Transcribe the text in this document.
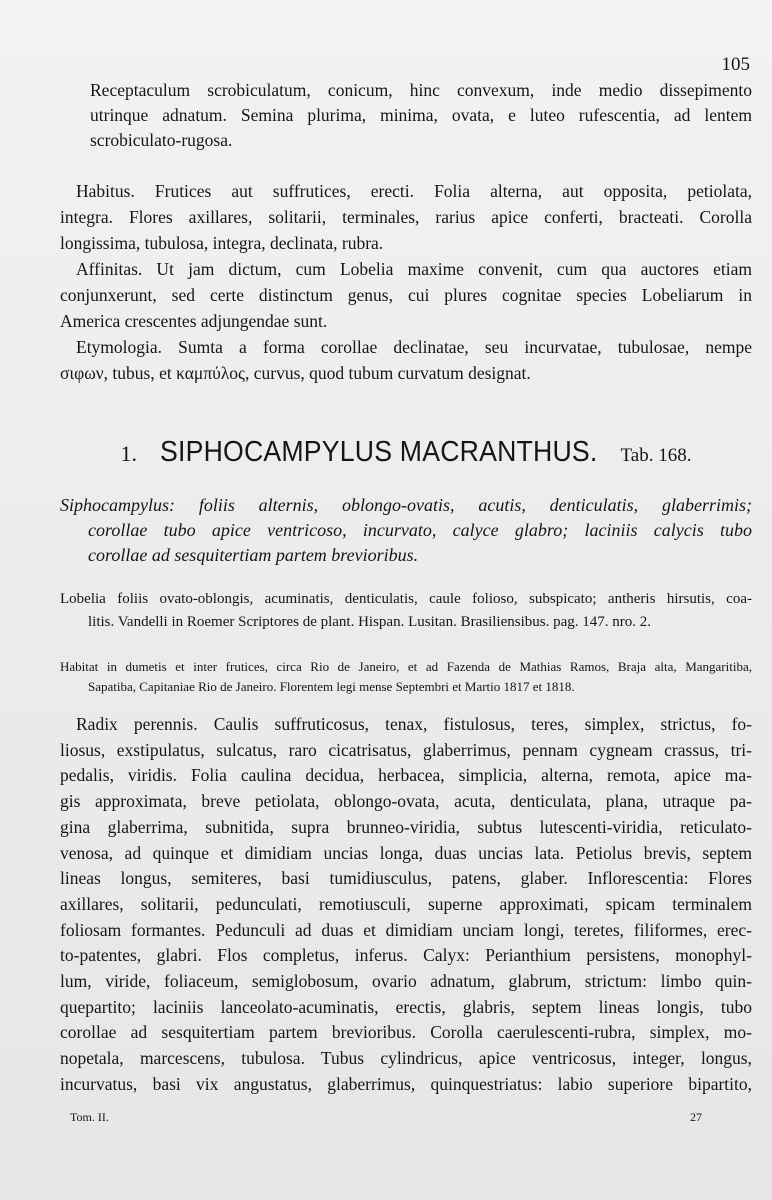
105
Receptaculum scrobiculatum, conicum, hinc convexum, inde medio dissepimento
utrinque adnatum. Semina plurima, minima, ovata, e luteo rufescentia, ad lentem
scrobiculato-rugosa.
Habitus. Frutices aut suffrutices, erecti. Folia alterna, aut opposita, petiolata,
integra. Flores axillares, solitarii, terminales, rarius apice conferti, bracteati. Corolla
longissima, tubulosa, integra, declinata, rubra.
Affinitas. Ut jam dictum, cum Lobelia maxime convenit, cum qua auctores etiam
conjunxerunt, sed certe distinctum genus, cui plures cognitae species Lobeliarum in
America crescentes adjungendae sunt.
Etymologia. Sumta a forma corollae declinatae, seu incurvatae, tubulosae, nempe
σιφων, tubus, et καμπύλος, curvus, quod tubum curvatum designat.
1. SIPHOCAMPYLUS MACRANTHUS. Tab. 168.
Siphocampylus: foliis alternis, oblongo-ovatis, acutis, denticulatis, glaberrimis;
corollae tubo apice ventricoso, incurvato, calyce glabro; laciniis calycis tubo
corollae ad sesquitertiam partem brevioribus.
Lobelia foliis ovato-oblongis, acuminatis, denticulatis, caule folioso, subspicato; antheris hirsutis, coa-
litis. Vandelli in Roemer Scriptores de plant. Hispan. Lusitan. Brasiliensibus. pag. 147. nro. 2.
Habitat in dumetis et inter frutices, circa Rio de Janeiro, et ad Fazenda de Mathias Ramos, Braja alta, Mangaritiba,
Sapatiba, Capitaniae Rio de Janeiro. Florentem legi mense Septembri et Martio 1817 et 1818.
Radix perennis. Caulis suffruticosus, tenax, fistulosus, teres, simplex, strictus, fo-
liosus, exstipulatus, sulcatus, raro cicatrisatus, glaberrimus, pennam cygneam crassus, tri-
pedalis, viridis. Folia caulina decidua, herbacea, simplicia, alterna, remota, apice ma-
gis approximata, breve petiolata, oblongo-ovata, acuta, denticulata, plana, utraque pa-
gina glaberrima, subnitida, supra brunneo-viridia, subtus lutescenti-viridia, reticulato-
venosa, ad quinque et dimidiam uncias longa, duas uncias lata. Petiolus brevis, septem
lineas longus, semiteres, basi tumidiusculus, patens, glaber. Inflorescentia: Flores
axillares, solitarii, pedunculati, remotiusculi, superne approximati, spicam terminalem
foliosam formantes. Pedunculi ad duas et dimidiam unciam longi, teretes, filiformes, erec-
to-patentes, glabri. Flos completus, inferus. Calyx: Perianthium persistens, monophyl-
lum, viride, foliaceum, semiglobosum, ovario adnatum, glabrum, strictum: limbo quin-
quepartito; laciniis lanceolato-acuminatis, erectis, glabris, septem lineas longis, tubo
corollae ad sesquitertiam partem brevioribus. Corolla caerulescenti-rubra, simplex, mo-
nopetala, marcescens, tubulosa. Tubus cylindricus, apice ventricosus, integer, longus,
incurvatus, basi vix angustatus, glaberrimus, quinquestriatus: labio superiore bipartito,
Tom. II.	27
